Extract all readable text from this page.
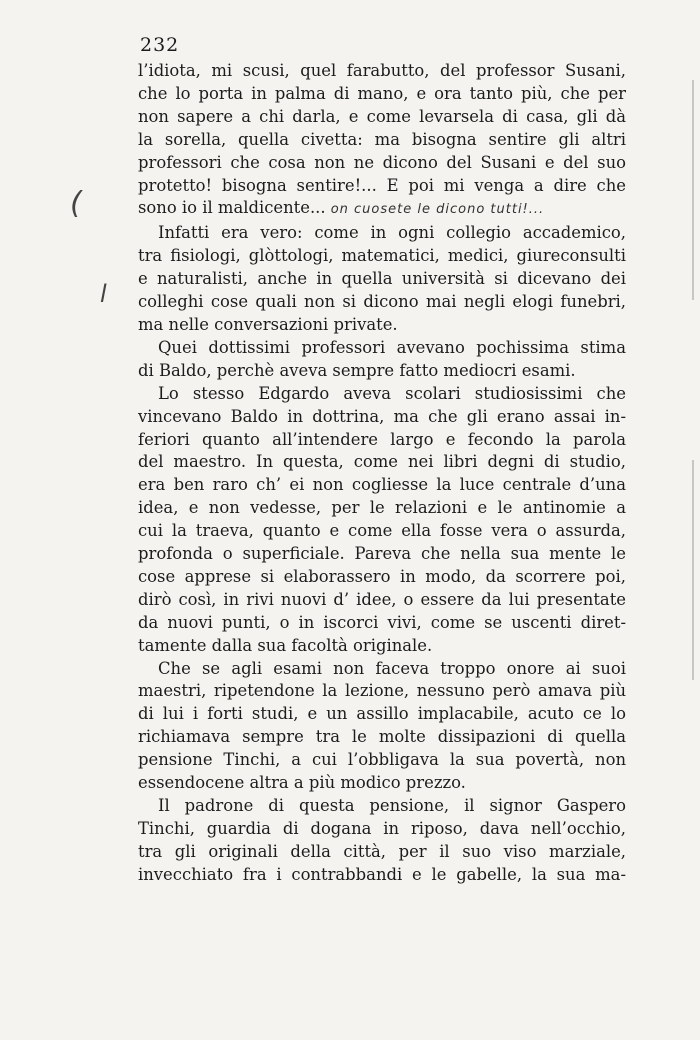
232
l’idiota, mi scusi, quel farabutto, del professor Susani,
che lo porta in palma di mano, e ora tanto più, che per
non sapere a chi darla, e come levarsela di casa, gli dà
la sorella, quella civetta: ma bisogna sentire gli altri
professori che cosa non ne dicono del Susani e del suo
protetto! bisogna sentire!... E poi mi venga a dire che
sono io il maldicente... on cuosete le dicono tutti!...
Infatti era vero: come in ogni collegio accademico,
tra fisiologi, glòttologi, matematici, medici, giureconsulti
e naturalisti, anche in quella università si dicevano dei
colleghi cose quali non si dicono mai negli elogi funebri,
ma nelle conversazioni private.
Quei dottissimi professori avevano pochissima stima
di Baldo, perchè aveva sempre fatto mediocri esami.
Lo stesso Edgardo aveva scolari studiosissimi che
vincevano Baldo in dottrina, ma che gli erano assai in-
feriori quanto all’intendere largo e fecondo la parola
del maestro. In questa, come nei libri degni di studio,
era ben raro ch’ ei non cogliesse la luce centrale d’una
idea, e non vedesse, per le relazioni e le antinomie a
cui la traeva, quanto e come ella fosse vera o assurda,
profonda o superficiale. Pareva che nella sua mente le
cose apprese si elaborassero in modo, da scorrere poi,
dirò così, in rivi nuovi d’ idee, o essere da lui presentate
da nuovi punti, o in iscorci vivi, come se uscenti diret-
tamente dalla sua facoltà originale.
Che se agli esami non faceva troppo onore ai suoi
maestri, ripetendone la lezione, nessuno però amava più
di lui i forti studi, e un assillo implacabile, acuto ce lo
richiamava sempre tra le molte dissipazioni di quella
pensione Tinchi, a cui l’obbligava la sua povertà, non
essendocene altra a più modico prezzo.
Il padrone di questa pensione, il signor Gaspero
Tinchi, guardia di dogana in riposo, dava nell’occhio,
tra gli originali della città, per il suo viso marziale,
invecchiato fra i contrabbandi e le gabelle, la sua ma-
(
l
